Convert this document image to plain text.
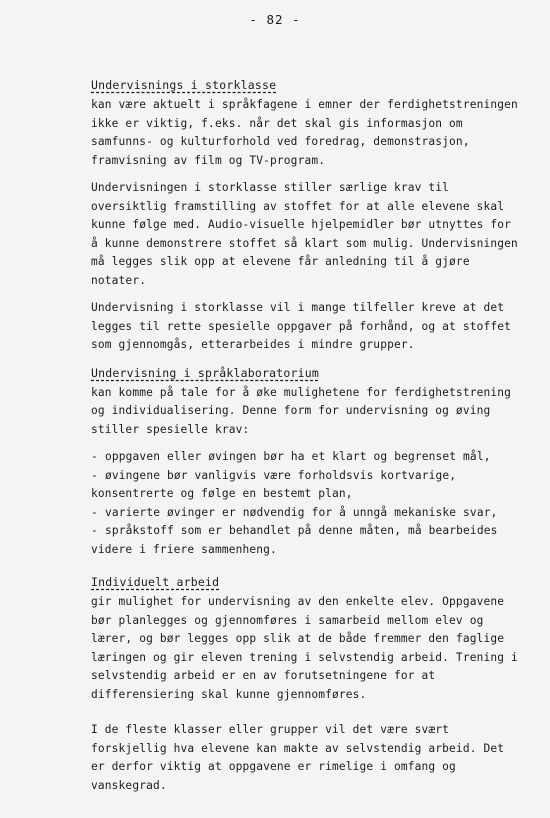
- 82 -
Undervisnings i storklasse

kan være aktuelt i språkfagene i emner der ferdighetstreningen ikke er viktig, f.eks. når det skal gis informasjon om samfunns- og kulturforhold ved foredrag, demonstrasjon, framvisning av film og TV-program.

Undervisningen i storklasse stiller særlige krav til oversiktlig framstilling av stoffet for at alle elevene skal kunne følge med. Audio-visuelle hjelpemidler bør utnyttes for å kunne demonstrere stoffet så klart som mulig. Undervisningen må legges slik opp at elevene får anledning til å gjøre notater.

Undervisning i storklasse vil i mange tilfeller kreve at det legges til rette spesielle oppgaver på forhånd, og at stoffet som gjennomgås, etterarbeides i mindre grupper.

Undervisning i språklaboratorium

kan komme på tale for å øke mulighetene for ferdighetstrening og individualisering. Denne form for undervisning og øving stiller spesielle krav:

- oppgaven eller øvingen bør ha et klart og begrenset mål,
- øvingene bør vanligvis være forholdsvis kortvarige, konsentrerte og følge en bestemt plan,
- varierte øvinger er nødvendig for å unngå mekaniske svar,
- språkstoff som er behandlet på denne måten, må bearbeides videre i friere sammenheng.
Individuelt arbeid

gir mulighet for undervisning av den enkelte elev. Oppgavene bør planlegges og gjennomføres i samarbeid mellom elev og lærer, og bør legges opp slik at de både fremmer den faglige læringen og gir eleven trening i selvstendig arbeid. Trening i selvstendig arbeid er en av forutsetningene for at differensiering skal kunne gjennomføres.

I de fleste klasser eller grupper vil det være svært forskjellig hva elevene kan makte av selvstendig arbeid. Det er derfor viktig at oppgavene er rimelige i omfang og vanskegrad.
